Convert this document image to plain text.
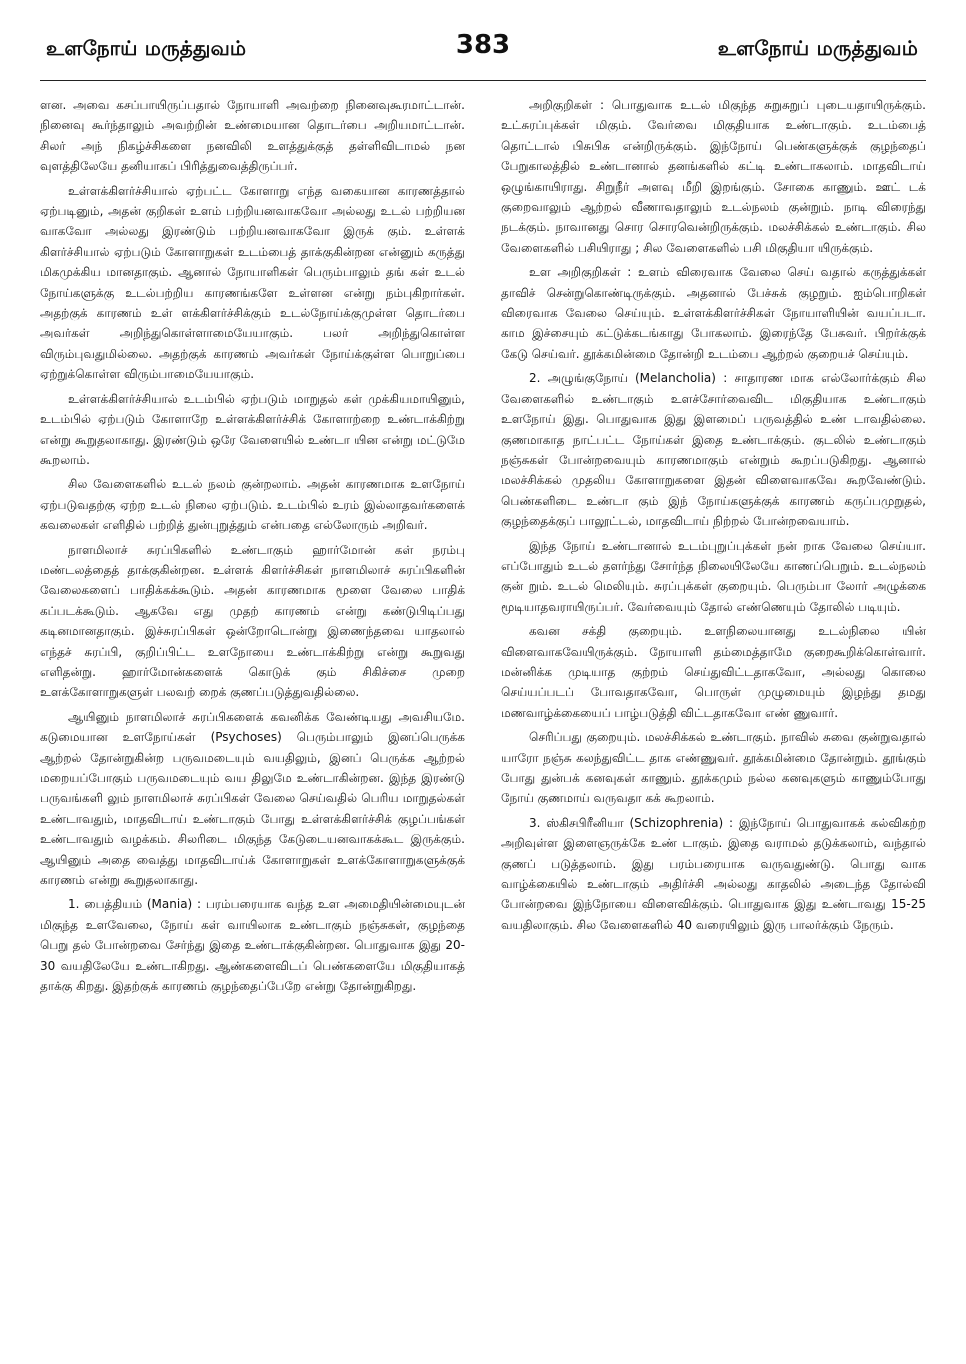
உளநோய் மருத்துவம்	383	உளநோய் மருத்துவம்

ளன. அவை கசப்பாயிருப்பதால் நோயாளி அவற்றை நினைவுகூரமாட்டான். நினைவு கூர்ந்தாலும் அவற்றின் உண்மையான தொடர்பை அறியமாட்டான். சிலர் அந் நிகழ்ச்சிகளை நனவிலி உளத்துக்குத் தள்ளிவிடாமல் நன வுளத்திலேயே தனியாகப் பிரித்துவைத்திருப்பர்.

உள்ளக்கிளர்ச்சியால் ஏற்பட்ட கோளாறு எந்த வகையான காரணத்தால் ஏற்படினும், அதன் குறிகள் உளம் பற்றியனவாகவோ அல்லது உடல் பற்றியன வாகவோ அல்லது இரண்டும் பற்றியனவாகவோ இருக் கும். உள்ளக் கிளர்ச்சியால் ஏற்படும் கோளாறுகள் உடம்பைத் தாக்குகின்றன என்னும் கருத்து மிகமுக்கிய மானதாகும். ஆனால் நோயாளிகள் பெரும்பாலும் தங் கள் உடல் நோய்களுக்கு உடல்பற்றிய காரணங்களே உள்ளன என்று நம்புகிறார்கள். அதற்குக் காரணம் உள் ளக்கிளர்ச்சிக்கும் உடல்நோய்க்குமுள்ள தொடர்பை அவர்கள் அறிந்துகொள்ளாமையேயாகும். பலர் அறிந்துகொள்ள விரும்புவதுமில்லை. அதற்குக் காரணம் அவர்கள் நோய்க்குள்ள பொறுப்பை ஏற்றுக்கொள்ள விரும்பாமையேயாகும்.

உள்ளக்கிளர்ச்சியால் உடம்பில் ஏற்படும் மாறுதல் கள் முக்கியமாயினும், உடம்பில் ஏற்படும் கோளாறே உள்ளக்கிளர்ச்சிக் கோளாற்றை உண்டாக்கிற்று என்று கூறுதலாகாது. இரண்டும் ஒரே வேளையில் உண்டா யின என்று மட்டுமே கூறலாம்.

சில வேளைகளில் உடல் நலம் குன்றலாம். அதன் காரணமாக உளநோய் ஏற்படுவதற்கு ஏற்ற உடல் நிலை ஏற்படும். உடம்பில் உரம் இல்லாதவர்களைக் கவலைகள் எளிதில் பற்றித் துன்புறுத்தும் என்பதை எல்லோரும் அறிவர்.

நாளமிலாச் சுரப்பிகளில் உண்டாகும் ஹார்மோன் கள் நரம்பு மண்டலத்தைத் தாக்குகின்றன. உள்ளக் கிளர்ச்சிகள் நாளமிலாச் சுரப்பிகளின் வேலைகளைப் பாதிக்கக்கூடும். அதன் காரணமாக மூளை வேலை பாதிக் கப்படக்கூடும். ஆகவே எது முதற் காரணம் என்று கண்டுபிடிப்பது கடினமானதாகும். இச்சுரப்பிகள் ஒன்றோடொன்று இணைந்தவை யாதலால் எந்தச் சுரப்பி, குறிப்பிட்ட உளநோயை உண்டாக்கிற்று என்று கூறுவது எளிதன்று. ஹார்மோன்களைக் கொடுக் கும் சிகிச்சை முறை உளக்கோளாறுகளுள் பலவற் றைக் குணப்படுத்துவதில்லை.

ஆயினும் நாளமிலாச் சுரப்பிகளைக் கவனிக்க வேண்டியது அவசியமே. கடுமையான உளநோய்கள் (Psychoses) பெரும்பாலும் இனப்பெருக்க ஆற்றல் தோன்றுகின்ற பருவமடையும் வயதிலும், இனப் பெருக்க ஆற்றல் மறையப்போகும் பருவமடையும் வய திலுமே உண்டாகின்றன. இந்த இரண்டு பருவங்களி லும் நாளமிலாச் சுரப்பிகள் வேலை செய்வதில் பெரிய மாறுதல்கள் உண்டாவதும், மாதவிடாய் உண்டாகும் போது உள்ளக்கிளர்ச்சிக் குழப்பங்கள் உண்டாவதும் வழக்கம். சிலரிடை மிகுந்த கேடுடையனவாகக்கூட இருக்கும். ஆயினும் அதை வைத்து மாதவிடாய்க் கோளாறுகள் உளக்கோளாறுகளுக்குக் காரணம் என்று கூறுதலாகாது.

1. பைத்தியம் (Mania) : பரம்பரையாக வந்த உள அமைதியின்மையுடன் மிகுந்த உளவேலை, நோய் கள் வாயிலாக உண்டாகும் நஞ்சுகள், குழந்தை பெறு தல் போன்றவை சேர்ந்து இதை உண்டாக்குகின்றன. பொதுவாக இது 20-30 வயதிலேயே உண்டாகிறது. ஆண்களைவிடப் பெண்களையே மிகுதியாகத் தாக்கு கிறது. இதற்குக் காரணம் குழந்தைப்பேறே என்று தோன்றுகிறது.

அறிகுறிகள் : பொதுவாக உடல் மிகுந்த சுறுசுறுப் புடையதாயிருக்கும். உட்சுரப்புக்கள் மிகும். வேர்வை மிகுதியாக உண்டாகும். உடம்பைத் தொட்டால் பிசுபிசு என்றிருக்கும். இந்நோய் பெண்களுக்குக் குழந்தைப் பேறுகாலத்தில் உண்டானால் தனங்களில் கட்டி உண்டாகலாம். மாதவிடாய் ஒழுங்காயிராது. சிறுநீர் அளவு மீறி இறங்கும். சோகை காணும். ஊட் டக் குறைவாலும் ஆற்றல் வீணாவதாலும் உடல்நலம் குன்றும். நாடி விரைந்து நடக்கும். நாவானது சொர சொரவென்றிருக்கும். மலச்சிக்கல் உண்டாகும். சில வேளைகளில் பசியிராது ; சில வேளைகளில் பசி மிகுதியா யிருக்கும்.

உள அறிகுறிகள் : உளம் விரைவாக வேலை செய் வதால் கருத்துக்கள் தாவிச் சென்றுகொண்டிருக்கும். அதனால் பேச்சுக் குழறும். ஐம்பொறிகள் விரைவாக வேலை செய்யும். உள்ளக்கிளர்ச்சிகள் நோயாளியின் வயப்படா. காம இச்சையும் கட்டுக்கடங்காது போகலாம். இரைந்தே பேசுவர். பிறர்க்குக் கேடு செய்வர். தூக்கமின்மை தோன்றி உடம்பை ஆற்றல் குறையச் செய்யும்.

2. அழுங்குநோய் (Melancholia) : சாதாரண மாக எல்லோர்க்கும் சில வேளைகளில் உண்டாகும் உளச்சோர்வைவிட மிகுதியாக உண்டாகும் உளநோய் இது. பொதுவாக இது இளமைப் பருவத்தில் உண் டாவதில்லை. குணமாகாத நாட்பட்ட நோய்கள் இதை உண்டாக்கும். குடலில் உண்டாகும் நஞ்சுகள் போன்றவையும் காரணமாகும் என்றும் கூறப்படுகிறது. ஆனால் மலச்சிக்கல் முதலிய கோளாறுகளை இதன் விளைவாகவே கூறவேண்டும். பெண்களிடை உண்டா கும் இந் நோய்களுக்குக் காரணம் கருப்பமுறுதல், குழந்தைக்குப் பாலூட்டல், மாதவிடாய் நிற்றல் போன்றவையாம்.

இந்த நோய் உண்டானால் உடம்புறுப்புக்கள் நன் றாக வேலை செய்யா. எப்போதும் உடல் தளர்ந்து சோர்ந்த நிலையிலேயே காணப்பெறும். உடல்நலம் குன் றும். உடல் மெலியும். சுரப்புக்கள் குறையும். பெரும்பா லோர் அழுக்கை மூடியாதவராயிருப்பர். வேர்வையும் தோல் எண்ணெயும் தோலில் படியும்.

கவன சக்தி குறையும். உளநிலையானது உடல்நிலை யின் விளைவாகவேயிருக்கும். நோயாளி தம்மைத்தாமே குறைகூறிக்கொள்வார். மன்னிக்க முடியாத குற்றம் செய்துவிட்டதாகவோ, அல்லது கொலை செய்யப்படப் போவதாகவோ, பொருள் முழுமையும் இழந்து தமது மணவாழ்க்கையைப் பாழ்படுத்தி விட்டதாகவோ எண் ணுவார்.

செரிப்பது குறையும். மலச்சிக்கல் உண்டாகும். நாவில் சுவை குன்றுவதால் யாரோ நஞ்சு கலந்துவிட்ட தாக எண்ணுவர். தூக்கமின்மை தோன்றும். தூங்கும் போது துன்பக் கனவுகள் காணும். தூக்கமும் நல்ல கனவுகளும் காணும்போது நோய் குணமாய் வருவதா கக் கூறலாம்.

3. ஸ்கிசபிரீனியா (Schizophrenia) : இந்நோய் பொதுவாகக் கல்விகற்ற அறிவுள்ள இளைஞருக்கே உண் டாகும். இதை வராமல் தடுக்கலாம், வந்தால் குணப் படுத்தலாம். இது பரம்பரையாக வருவதுண்டு. பொது வாக வாழ்க்கையில் உண்டாகும் அதிர்ச்சி அல்லது காதலில் அடைந்த தோல்வி போன்றவை இந்நோயை விளைவிக்கும். பொதுவாக இது உண்டாவது 15-25 வயதிலாகும். சில வேளைகளில் 40 வரையிலும் இரு பாலர்க்கும் நேரும்.
